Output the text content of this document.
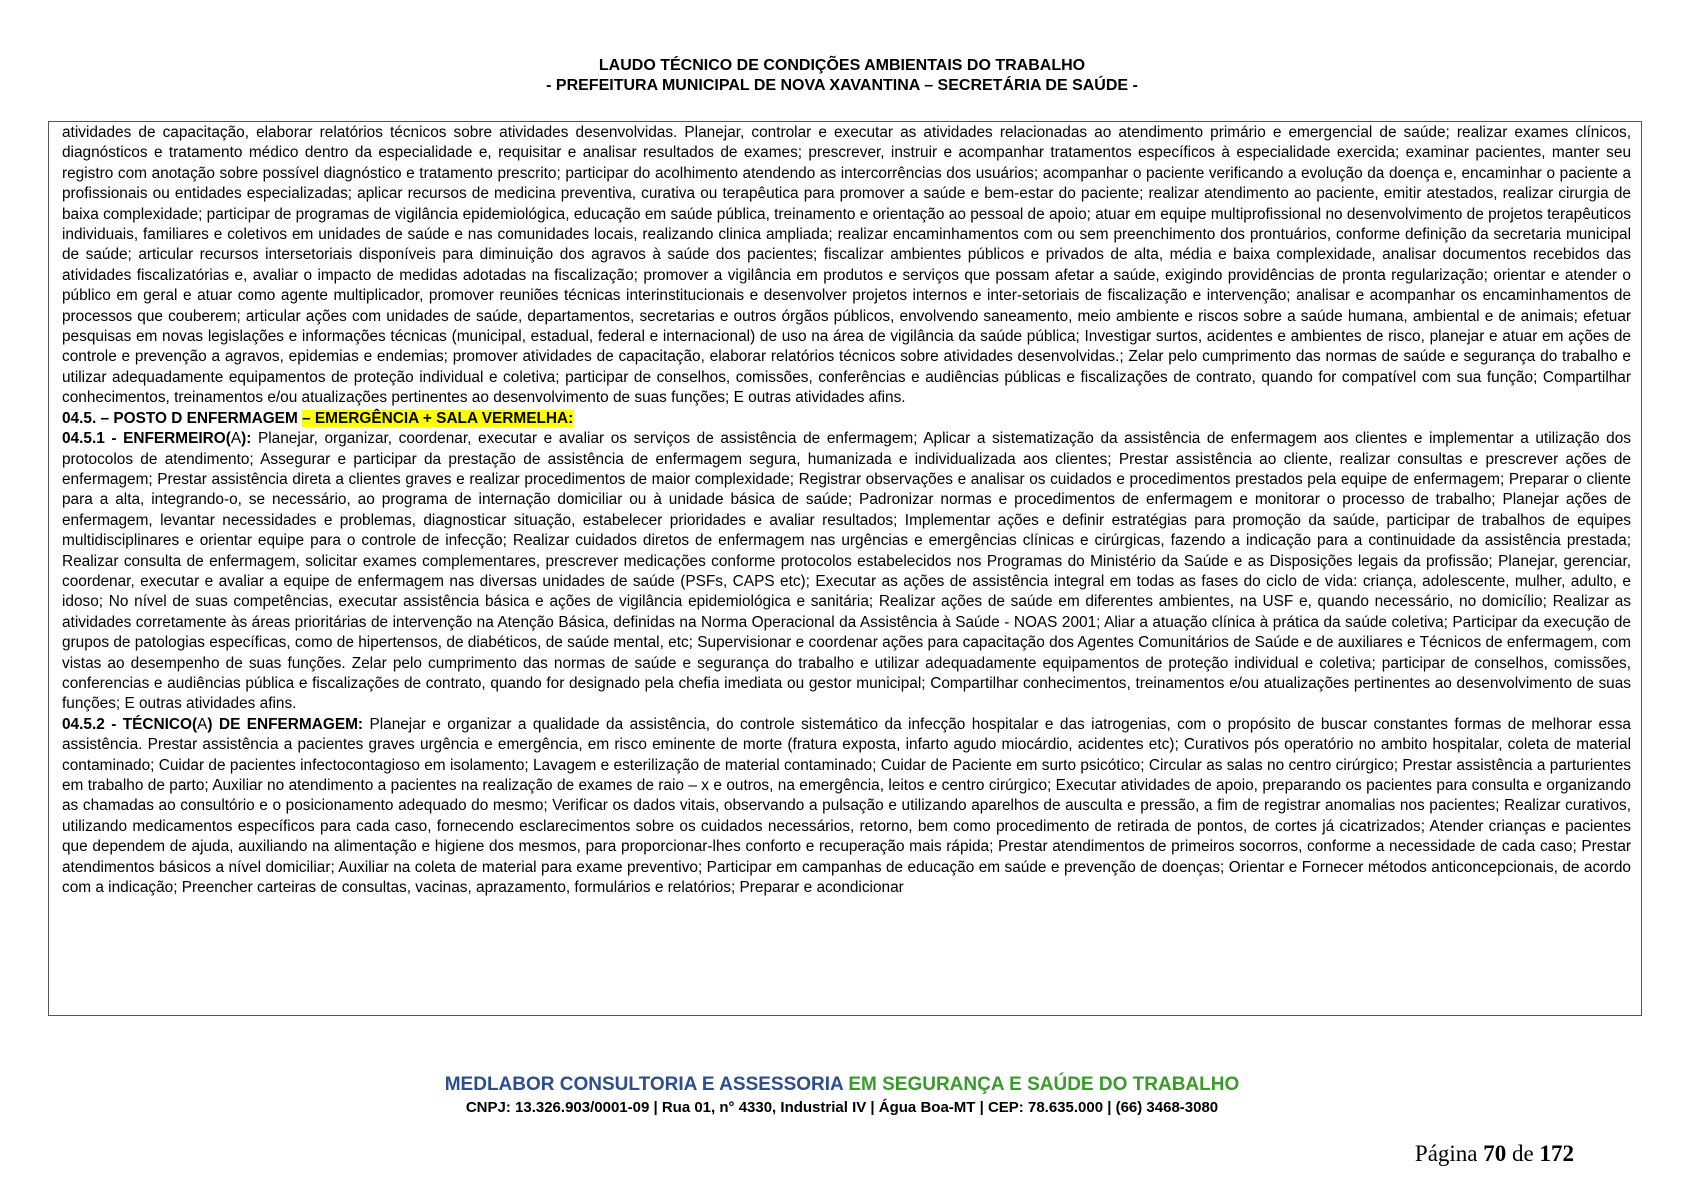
LAUDO TÉCNICO DE CONDIÇÕES AMBIENTAIS DO TRABALHO
- PREFEITURA MUNICIPAL DE NOVA XAVANTINA – SECRETÁRIA DE SAÚDE -

atividades de capacitação, elaborar relatórios técnicos sobre atividades desenvolvidas. Planejar, controlar e executar as atividades relacionadas ao atendimento primário e emergencial de saúde; realizar exames clínicos, diagnósticos e tratamento médico dentro da especialidade e, requisitar e analisar resultados de exames; prescrever, instruir e acompanhar tratamentos específicos à especialidade exercida; examinar pacientes, manter seu registro com anotação sobre possível diagnóstico e tratamento prescrito; participar do acolhimento atendendo as intercorrências dos usuários; acompanhar o paciente verificando a evolução da doença e, encaminhar o paciente a profissionais ou entidades especializadas; aplicar recursos de medicina preventiva, curativa ou terapêutica para promover a saúde e bem-estar do paciente; realizar atendimento ao paciente, emitir atestados, realizar cirurgia de baixa complexidade; participar de programas de vigilância epidemiológica, educação em saúde pública, treinamento e orientação ao pessoal de apoio; atuar em equipe multiprofissional no desenvolvimento de projetos terapêuticos individuais, familiares e coletivos em unidades de saúde e nas comunidades locais, realizando clinica ampliada; realizar encaminhamentos com ou sem preenchimento dos prontuários, conforme definição da secretaria municipal de saúde; articular recursos intersetoriais disponíveis para diminuição dos agravos à saúde dos pacientes; fiscalizar ambientes públicos e privados de alta, média e baixa complexidade, analisar documentos recebidos das atividades fiscalizatórias e, avaliar o impacto de medidas adotadas na fiscalização; promover a vigilância em produtos e serviços que possam afetar a saúde, exigindo providências de pronta regularização; orientar e atender o público em geral e atuar como agente multiplicador, promover reuniões técnicas interinstitucionais e desenvolver projetos internos e inter-setoriais de fiscalização e intervenção; analisar e acompanhar os encaminhamentos de processos que couberem; articular ações com unidades de saúde, departamentos, secretarias e outros órgãos públicos, envolvendo saneamento, meio ambiente e riscos sobre a saúde humana, ambiental e de animais; efetuar pesquisas em novas legislações e informações técnicas (municipal, estadual, federal e internacional) de uso na área de vigilância da saúde pública; Investigar surtos, acidentes e ambientes de risco, planejar e atuar em ações de controle e prevenção a agravos, epidemias e endemias; promover atividades de capacitação, elaborar relatórios técnicos sobre atividades desenvolvidas.; Zelar pelo cumprimento das normas de saúde e segurança do trabalho e utilizar adequadamente equipamentos de proteção individual e coletiva; participar de conselhos, comissões, conferências e audiências públicas e fiscalizações de contrato, quando for compatível com sua função; Compartilhar conhecimentos, treinamentos e/ou atualizações pertinentes ao desenvolvimento de suas funções; E outras atividades afins.

04.5. – POSTO D ENFERMAGEM – EMERGÊNCIA + SALA VERMELHA:

04.5.1 - ENFERMEIRO(A): Planejar, organizar, coordenar, executar e avaliar os serviços de assistência de enfermagem; Aplicar a sistematização da assistência de enfermagem aos clientes e implementar a utilização dos protocolos de atendimento; Assegurar e participar da prestação de assistência de enfermagem segura, humanizada e individualizada aos clientes; Prestar assistência ao cliente, realizar consultas e prescrever ações de enfermagem; Prestar assistência direta a clientes graves e realizar procedimentos de maior complexidade; Registrar observações e analisar os cuidados e procedimentos prestados pela equipe de enfermagem; Preparar o cliente para a alta, integrando-o, se necessário, ao programa de internação domiciliar ou à unidade básica de saúde; Padronizar normas e procedimentos de enfermagem e monitorar o processo de trabalho; Planejar ações de enfermagem, levantar necessidades e problemas, diagnosticar situação, estabelecer prioridades e avaliar resultados; Implementar ações e definir estratégias para promoção da saúde, participar de trabalhos de equipes multidisciplinares e orientar equipe para o controle de infecção; Realizar cuidados diretos de enfermagem nas urgências e emergências clínicas e cirúrgicas, fazendo a indicação para a continuidade da assistência prestada; Realizar consulta de enfermagem, solicitar exames complementares, prescrever medicações conforme protocolos estabelecidos nos Programas do Ministério da Saúde e as Disposições legais da profissão; Planejar, gerenciar, coordenar, executar e avaliar a equipe de enfermagem nas diversas unidades de saúde (PSFs, CAPS etc); Executar as ações de assistência integral em todas as fases do ciclo de vida: criança, adolescente, mulher, adulto, e idoso; No nível de suas competências, executar assistência básica e ações de vigilância epidemiológica e sanitária; Realizar ações de saúde em diferentes ambientes, na USF e, quando necessário, no domicílio; Realizar as atividades corretamente às áreas prioritárias de intervenção na Atenção Básica, definidas na Norma Operacional da Assistência à Saúde - NOAS 2001; Aliar a atuação clínica à prática da saúde coletiva; Participar da execução de grupos de patologias específicas, como de hipertensos, de diabéticos, de saúde mental, etc; Supervisionar e coordenar ações para capacitação dos Agentes Comunitários de Saúde e de auxiliares e Técnicos de enfermagem, com vistas ao desempenho de suas funções. Zelar pelo cumprimento das normas de saúde e segurança do trabalho e utilizar adequadamente equipamentos de proteção individual e coletiva; participar de conselhos, comissões, conferencias e audiências pública e fiscalizações de contrato, quando for designado pela chefia imediata ou gestor municipal; Compartilhar conhecimentos, treinamentos e/ou atualizações pertinentes ao desenvolvimento de suas funções; E outras atividades afins.

04.5.2 - TÉCNICO(A) DE ENFERMAGEM: Planejar e organizar a qualidade da assistência, do controle sistemático da infecção hospitalar e das iatrogenias, com o propósito de buscar constantes formas de melhorar essa assistência. Prestar assistência a pacientes graves urgência e emergência, em risco eminente de morte (fratura exposta, infarto agudo miocárdio, acidentes etc); Curativos pós operatório no ambito hospitalar, coleta de material contaminado; Cuidar de pacientes infectocontagioso em isolamento; Lavagem e esterilização de material contaminado; Cuidar de Paciente em surto psicótico; Circular as salas no centro cirúrgico; Prestar assistência a parturientes em trabalho de parto; Auxiliar no atendimento a pacientes na realização de exames de raio – x e outros, na emergência, leitos e centro cirúrgico; Executar atividades de apoio, preparando os pacientes para consulta e organizando as chamadas ao consultório e o posicionamento adequado do mesmo; Verificar os dados vitais, observando a pulsação e utilizando aparelhos de ausculta e pressão, a fim de registrar anomalias nos pacientes; Realizar curativos, utilizando medicamentos específicos para cada caso, fornecendo esclarecimentos sobre os cuidados necessários, retorno, bem como procedimento de retirada de pontos, de cortes já cicatrizados; Atender crianças e pacientes que dependem de ajuda, auxiliando na alimentação e higiene dos mesmos, para proporcionar-lhes conforto e recuperação mais rápida; Prestar atendimentos de primeiros socorros, conforme a necessidade de cada caso; Prestar atendimentos básicos a nível domiciliar; Auxiliar na coleta de material para exame preventivo; Participar em campanhas de educação em saúde e prevenção de doenças; Orientar e Fornecer métodos anticoncepcionais, de acordo com a indicação; Preencher carteiras de consultas, vacinas, aprazamento, formulários e relatórios; Preparar e acondicionar

MEDLABOR CONSULTORIA E ASSESSORIA EM SEGURANÇA E SAÚDE DO TRABALHO
CNPJ: 13.326.903/0001-09 | Rua 01, n° 4330, Industrial IV | Água Boa-MT | CEP: 78.635.000 | (66) 3468-3080
Página 70 de 172
